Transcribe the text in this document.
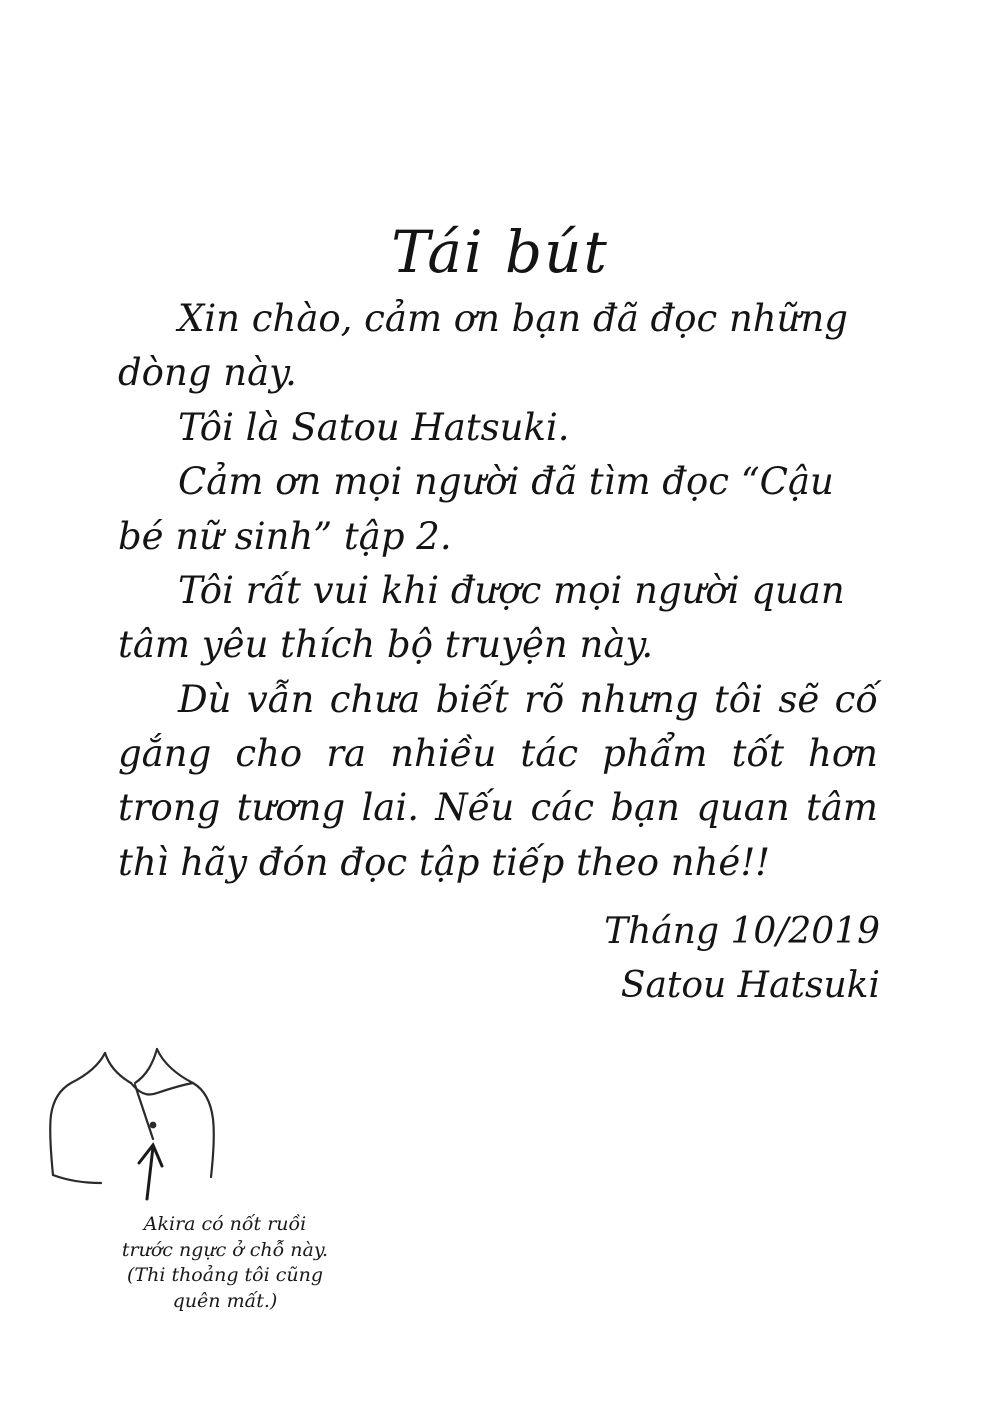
Tái bút

Xin chào, cảm ơn bạn đã đọc những dòng này.

Tôi là Satou Hatsuki.

Cảm ơn mọi người đã tìm đọc “Cậu bé nữ sinh” tập 2.

Tôi rất vui khi được mọi người quan tâm yêu thích bộ truyện này.

Dù vẫn chưa biết rõ nhưng tôi sẽ cố gắng cho ra nhiều tác phẩm tốt hơn trong tương lai. Nếu các bạn quan tâm thì hãy đón đọc tập tiếp theo nhé!!

Tháng 10/2019
Satou Hatsuki
Akira có nốt ruồi
trước ngực ở chỗ này.
(Thi thoảng tôi cũng
quên mất.)
